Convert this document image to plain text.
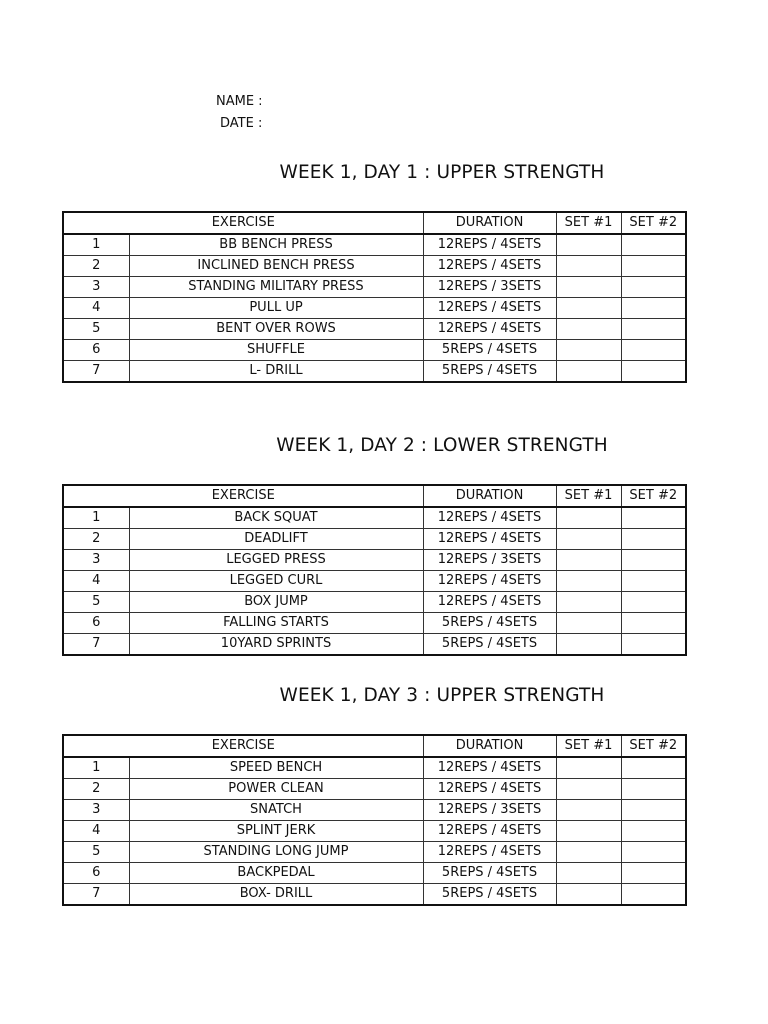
NAME :
DATE :
WEEK 1, DAY 1 : UPPER STRENGTH
EXERCISE		DURATION	SET #1	SET #2
1	BB BENCH PRESS	12REPS / 4SETS		
2	INCLINED BENCH PRESS	12REPS / 4SETS		
3	STANDING MILITARY PRESS	12REPS / 3SETS		
4	PULL UP	12REPS / 4SETS		
5	BENT OVER ROWS	12REPS / 4SETS		
6	SHUFFLE	5REPS / 4SETS		
7	L- DRILL	5REPS / 4SETS		
WEEK 1, DAY 2 : LOWER STRENGTH
EXERCISE		DURATION	SET #1	SET #2
1	BACK SQUAT	12REPS / 4SETS		
2	DEADLIFT	12REPS / 4SETS		
3	LEGGED PRESS	12REPS / 3SETS		
4	LEGGED CURL	12REPS / 4SETS		
5	BOX JUMP	12REPS / 4SETS		
6	FALLING STARTS	5REPS / 4SETS		
7	10YARD SPRINTS	5REPS / 4SETS		
WEEK 1, DAY 3 : UPPER STRENGTH
EXERCISE		DURATION	SET #1	SET #2
1	SPEED BENCH	12REPS / 4SETS		
2	POWER CLEAN	12REPS / 4SETS		
3	SNATCH	12REPS / 3SETS		
4	SPLINT JERK	12REPS / 4SETS		
5	STANDING LONG JUMP	12REPS / 4SETS		
6	BACKPEDAL	5REPS / 4SETS		
7	BOX- DRILL	5REPS / 4SETS		
